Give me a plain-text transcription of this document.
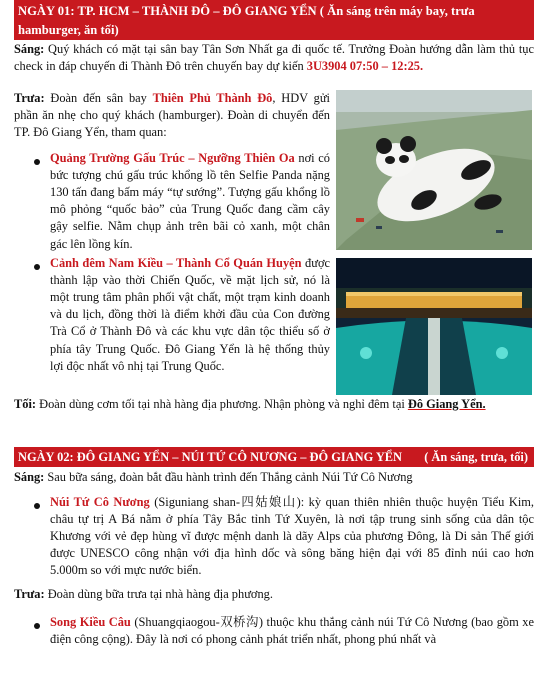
NGÀY 01: TP. HCM – THÀNH ĐÔ – ĐÔ GIANG YỂN ( Ăn sáng trên máy bay, trưa hamburger, ăn tối)
Sáng: Quý khách có mặt tại sân bay Tân Sơn Nhất ga đi quốc tế. Trưởng Đoàn hướng dẫn làm thủ tục check in đáp chuyến đi Thành Đô trên chuyến bay dự kiến 3U3904 07:50 – 12:25.
Trưa: Đoàn đến sân bay Thiên Phủ Thành Đô, HDV gửi phần ăn nhẹ cho quý khách (hamburger). Đoàn di chuyển đến TP. Đô Giang Yển, tham quan:
Quảng Trường Gấu Trúc – Ngưỡng Thiên Oa nơi có bức tượng chú gấu trúc khổng lồ tên Selfie Panda nặng 130 tấn đang bấm máy “tự sướng”. Tượng gấu khổng lồ mô phỏng “quốc bảo” của Trung Quốc đang cầm cây gậy selfie. Nằm chụp ảnh trên bãi cỏ xanh, một chân gác lên lồng kín.
Cảnh đêm Nam Kiều – Thành Cổ Quán Huyện được thành lập vào thời Chiến Quốc, về mặt lịch sử, nó là một trung tâm phân phối vật chất, một trạm kinh doanh và du lịch, đồng thời là điểm khởi đầu của Con đường Trà Cổ ở Thành Đô và các khu vực dân tộc thiểu số ở phía tây Trung Quốc. Đô Giang Yển là hệ thống thủy lợi độc nhất vô nhị tại Trung Quốc.
Tối: Đoàn dùng cơm tối tại nhà hàng địa phương. Nhận phòng và nghỉ đêm tại Đô Giang Yển.
NGÀY 02: ĐÔ GIANG YỂN – NÚI TỨ CÔ NƯƠNG – ĐÔ GIANG YỂN ( Ăn sáng, trưa, tối)
Sáng: Sau bữa sáng, đoàn bắt đầu hành trình đến Thắng cảnh Núi Tứ Cô Nương
Núi Tứ Cô Nương (Siguniang shan-四姑娘山): kỳ quan thiên nhiên thuộc huyện Tiểu Kim, châu tự trị A Bá nằm ở phía Tây Bắc tỉnh Tứ Xuyên, là nơi tập trung sinh sống của dân tộc Khương với vẻ đẹp hùng vĩ được mệnh danh là dãy Alps của phương Đông, là Di sản Thế giới được UNESCO công nhận với địa hình dốc và sông băng hiện đại với 85 đỉnh núi cao hơn 5.000m so với mực nước biển.
Trưa: Đoàn dùng bữa trưa tại nhà hàng địa phương.
Song Kiều Câu (Shuangqiaogou-双桥沟) thuộc khu thắng cảnh núi Tứ Cô Nương (bao gồm xe điện công cộng). Đây là nơi có phong cảnh phát triển nhất, phong phú nhất và
